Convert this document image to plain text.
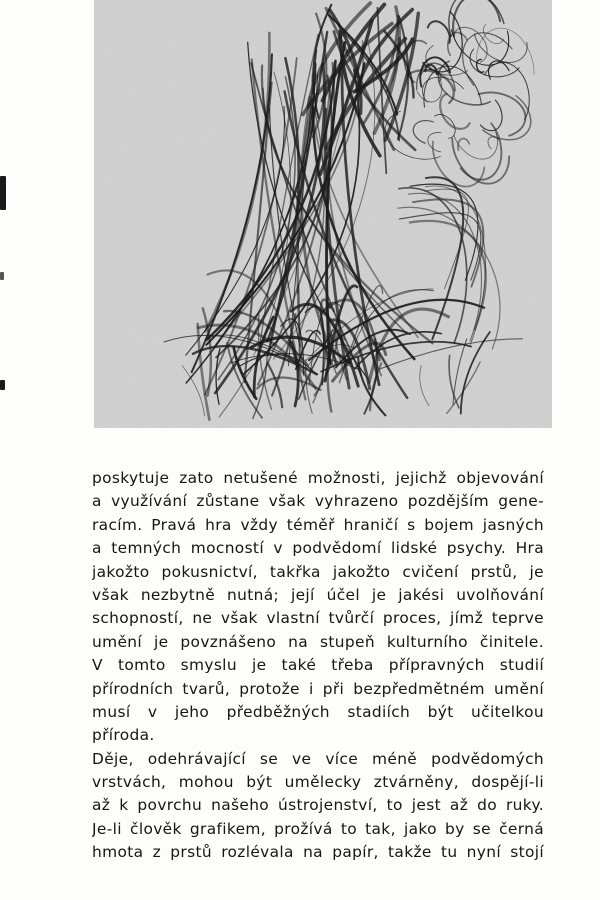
poskytuje zato netušené možnosti, jejichž objevování
a využívání zůstane však vyhrazeno pozdějším gene-
racím. Pravá hra vždy téměř hraničí s bojem jasných
a temných mocností v podvědomí lidské psychy. Hra
jakožto pokusnictví, takřka jakožto cvičení prstů, je
však nezbytně nutná; její účel je jakési uvolňování
schopností, ne však vlastní tvůrčí proces, jímž teprve
umění je povznášeno na stupeň kulturního činitele.
V tomto smyslu je také třeba přípravných studií
přírodních tvarů, protože i při bezpředmětném umění
musí v jeho předběžných stadiích být učitelkou
příroda.
Děje, odehrávající se ve více méně podvědomých
vrstvách, mohou být umělecky ztvárněny, dospějí-li
až k povrchu našeho ústrojenství, to jest až do ruky.
Je-li člověk grafikem, prožívá to tak, jako by se černá
hmota z prstů rozlévala na papír, takže tu nyní stojí
